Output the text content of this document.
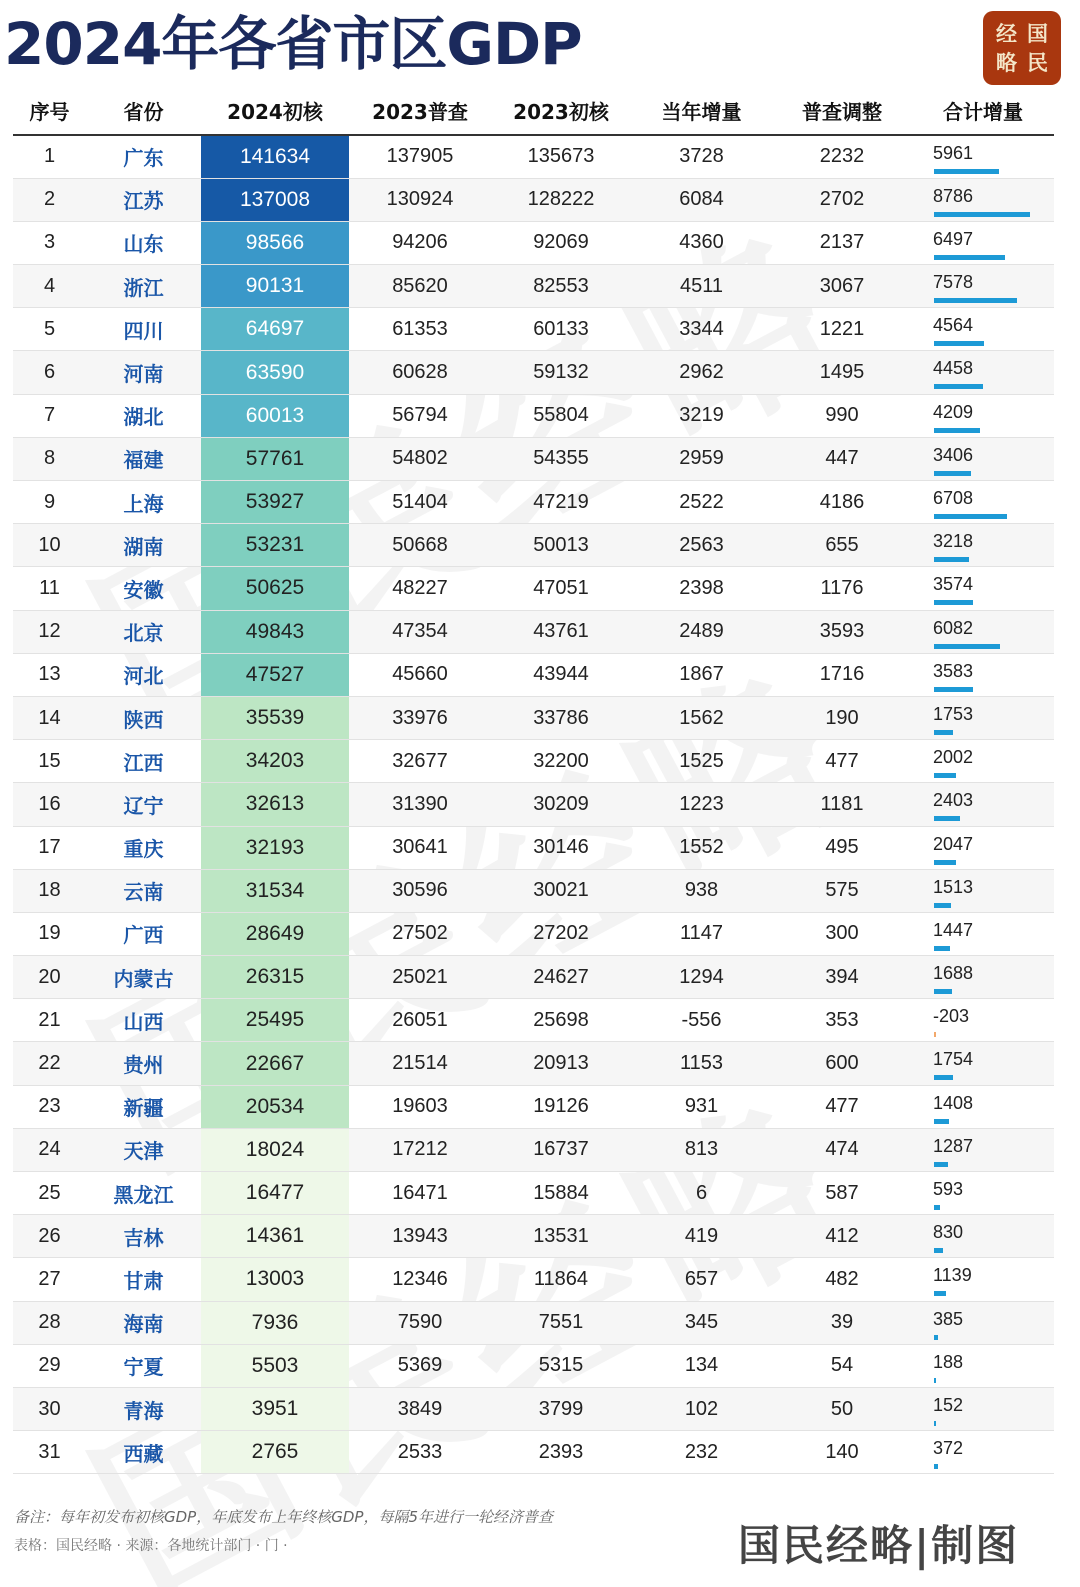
2024年各省市区GDP	经 国
略 民
序号	省份	2024初核	2023普查	2023初核	当年增量	普查调整	合计增量
1	广东	141634	137905	135673	3728	2232	5961

2	江苏	137008	130924	128222	6084	2702	8786

3	山东	98566	94206	92069	4360	2137	6497

4	浙江	90131	85620	82553	4511	3067	7578

5	四川	64697	61353	60133	3344	1221	4564

6	河南	63590	60628	59132	2962	1495	4458

7	湖北	60013	56794	55804	3219	990	4209

8	福建	57761	54802	54355	2959	447	3406

9	上海	53927	51404	47219	2522	4186	6708

10	湖南	53231	50668	50013	2563	655	3218

11	安徽	50625	48227	47051	2398	1176	3574

12	北京	49843	47354	43761	2489	3593	6082

13	河北	47527	45660	43944	1867	1716	3583

14	陕西	35539	33976	33786	1562	190	1753

15	江西	34203	32677	32200	1525	477	2002

16	辽宁	32613	31390	30209	1223	1181	2403

17	重庆	32193	30641	30146	1552	495	2047

18	云南	31534	30596	30021	938	575	1513

19	广西	28649	27502	27202	1147	300	1447

20	内蒙古	26315	25021	24627	1294	394	1688

21	山西	25495	26051	25698	-556	353	-203

22	贵州	22667	21514	20913	1153	600	1754

23	新疆	20534	19603	19126	931	477	1408

24	天津	18024	17212	16737	813	474	1287

25	黑龙江	16477	16471	15884	6	587	593

26	吉林	14361	13943	13531	419	412	830

27	甘肃	13003	12346	11864	657	482	1139

28	海南	7936	7590	7551	345	39	385

29	宁夏	5503	5369	5315	134	54	188

30	青海	3951	3849	3799	102	50	152

31	西藏	2765	2533	2393	232	140	372
备注：每年初发布初核GDP，年底发布上年终核GDP，每隔5年进行一轮经济普查
表格：国民经略 · 来源：各地统计部门 · 门 ·	国民经略|制图
